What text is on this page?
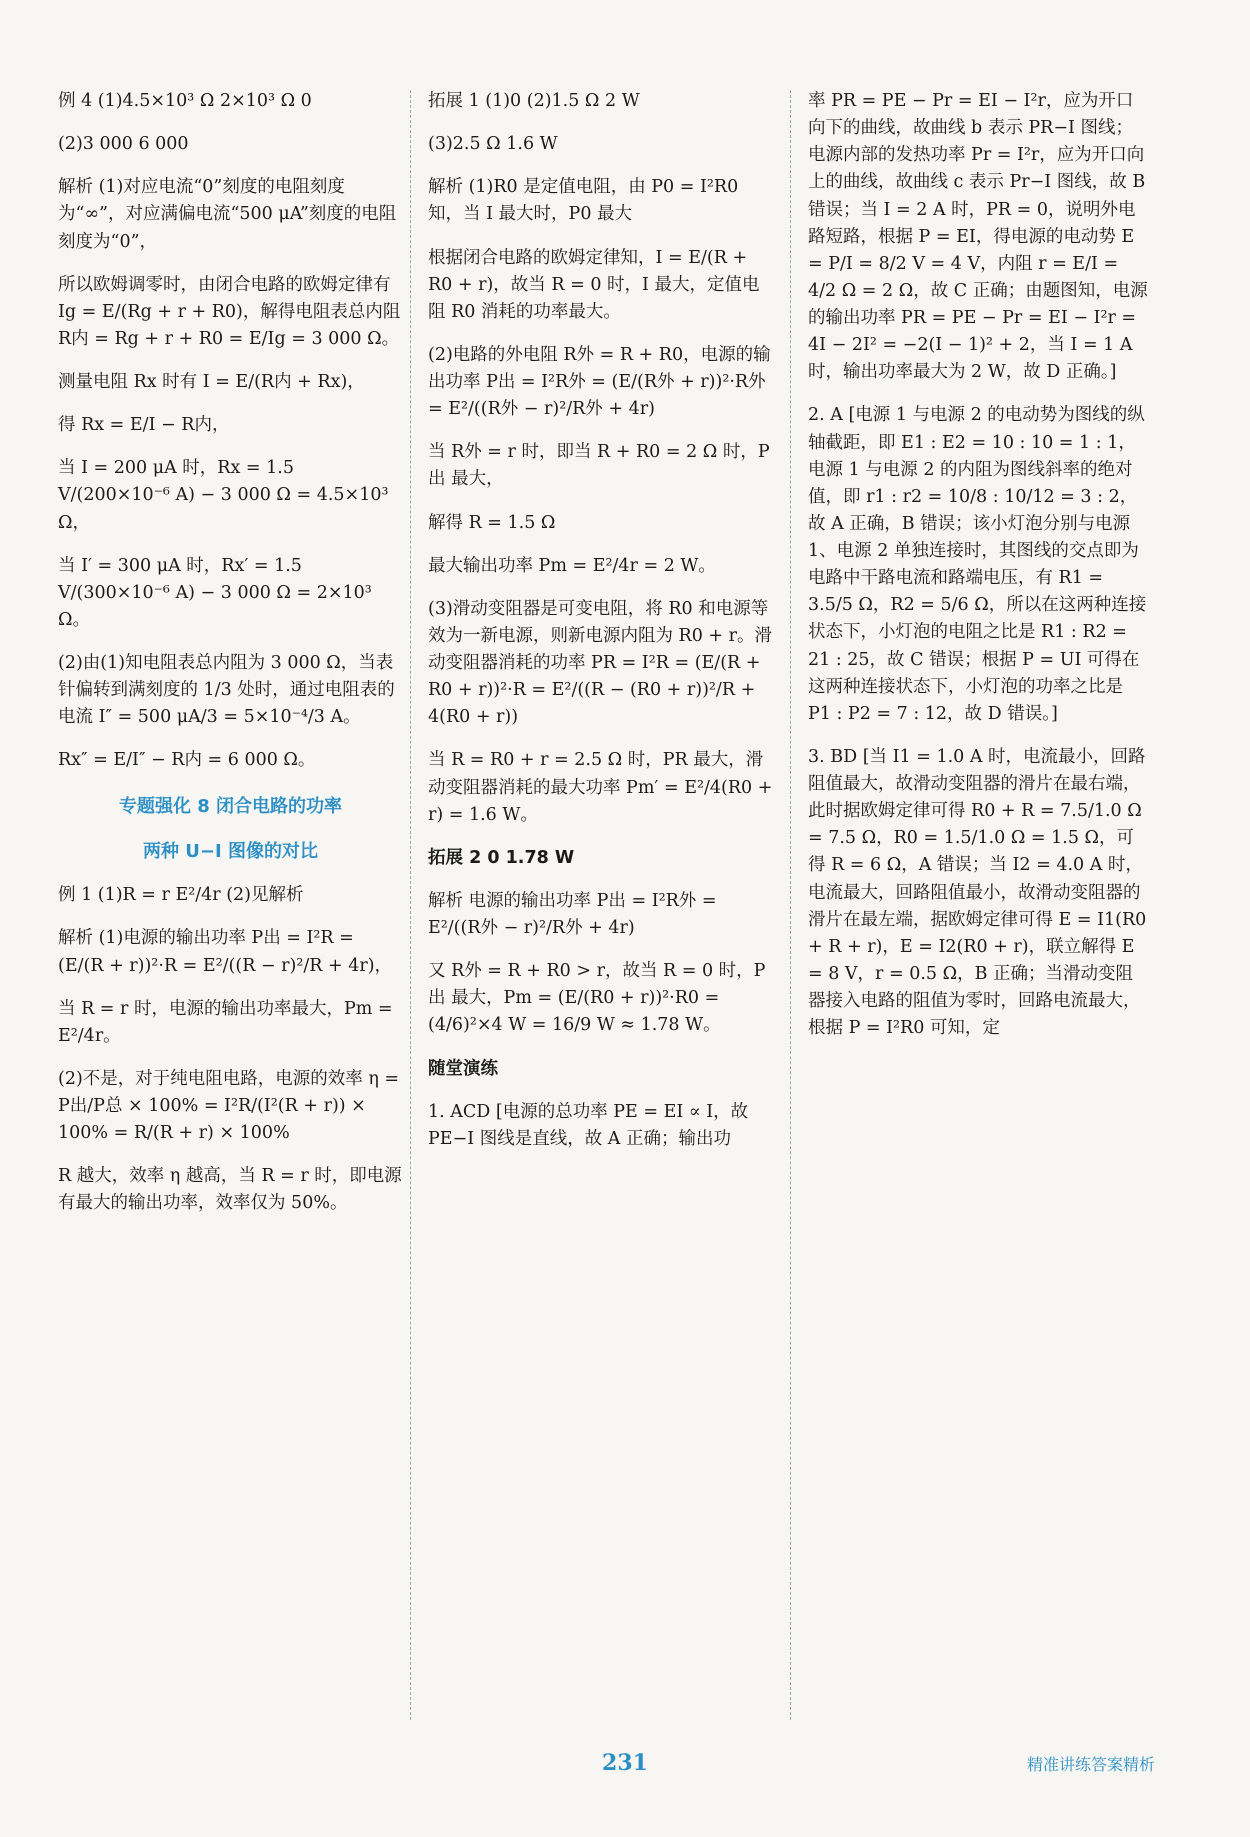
例 4 (1)4.5×10³ Ω 2×10³ Ω 0

(2)3 000 6 000

解析 (1)对应电流“0”刻度的电阻刻度为“∞”，对应满偏电流“500 μA”刻度的电阻刻度为“0”，

所以欧姆调零时，由闭合电路的欧姆定律有 Ig = E/(Rg + r + R0)，解得电阻表总内阻 R内 = Rg + r + R0 = E/Ig = 3 000 Ω。

测量电阻 Rx 时有 I = E/(R内 + Rx)，

得 Rx = E/I − R内，

当 I = 200 μA 时，Rx = 1.5 V/(200×10⁻⁶ A) − 3 000 Ω = 4.5×10³ Ω，

当 I′ = 300 μA 时，Rx′ = 1.5 V/(300×10⁻⁶ A) − 3 000 Ω = 2×10³ Ω。

(2)由(1)知电阻表总内阻为 3 000 Ω，当表针偏转到满刻度的 1/3 处时，通过电阻表的电流 I″ = 500 μA/3 = 5×10⁻⁴/3 A。

Rx″ = E/I″ − R内 = 6 000 Ω。

专题强化 8 闭合电路的功率
两种 U−I 图像的对比

例 1 (1)R = r E²/4r (2)见解析

解析 (1)电源的输出功率 P出 = I²R = (E/(R + r))²·R = E²/((R − r)²/R + 4r)，

当 R = r 时，电源的输出功率最大，Pm = E²/4r。

(2)不是，对于纯电阻电路，电源的效率 η = P出/P总 × 100% = I²R/(I²(R + r)) × 100% = R/(R + r) × 100%

R 越大，效率 η 越高，当 R = r 时，即电源有最大的输出功率，效率仅为 50%。

拓展 1 (1)0 (2)1.5 Ω 2 W

(3)2.5 Ω 1.6 W

解析 (1)R0 是定值电阻，由 P0 = I²R0 知，当 I 最大时，P0 最大

根据闭合电路的欧姆定律知，I = E/(R + R0 + r)，故当 R = 0 时，I 最大，定值电阻 R0 消耗的功率最大。

(2)电路的外电阻 R外 = R + R0，电源的输出功率 P出 = I²R外 = (E/(R外 + r))²·R外 = E²/((R外 − r)²/R外 + 4r)

当 R外 = r 时，即当 R + R0 = 2 Ω 时，P出 最大，

解得 R = 1.5 Ω

最大输出功率 Pm = E²/4r = 2 W。

(3)滑动变阻器是可变电阻，将 R0 和电源等效为一新电源，则新电源内阻为 R0 + r。滑动变阻器消耗的功率 PR = I²R = (E/(R + R0 + r))²·R = E²/((R − (R0 + r))²/R + 4(R0 + r))

当 R = R0 + r = 2.5 Ω 时，PR 最大，滑动变阻器消耗的最大功率 Pm′ = E²/4(R0 + r) = 1.6 W。

拓展 2 0 1.78 W

解析 电源的输出功率 P出 = I²R外 = E²/((R外 − r)²/R外 + 4r)

又 R外 = R + R0 > r，故当 R = 0 时，P出 最大，Pm = (E/(R0 + r))²·R0 = (4/6)²×4 W = 16/9 W ≈ 1.78 W。

随堂演练

1. ACD [电源的总功率 PE = EI ∝ I，故 PE−I 图线是直线，故 A 正确；输出功

率 PR = PE − Pr = EI − I²r，应为开口向下的曲线，故曲线 b 表示 PR−I 图线；电源内部的发热功率 Pr = I²r，应为开口向上的曲线，故曲线 c 表示 Pr−I 图线，故 B 错误；当 I = 2 A 时，PR = 0，说明外电路短路，根据 P = EI，得电源的电动势 E = P/I = 8/2 V = 4 V，内阻 r = E/I = 4/2 Ω = 2 Ω，故 C 正确；由题图知，电源的输出功率 PR = PE − Pr = EI − I²r = 4I − 2I² = −2(I − 1)² + 2，当 I = 1 A 时，输出功率最大为 2 W，故 D 正确。]

2. A [电源 1 与电源 2 的电动势为图线的纵轴截距，即 E1 : E2 = 10 : 10 = 1 : 1，电源 1 与电源 2 的内阻为图线斜率的绝对值，即 r1 : r2 = 10/8 : 10/12 = 3 : 2，故 A 正确，B 错误；该小灯泡分别与电源 1、电源 2 单独连接时，其图线的交点即为电路中干路电流和路端电压，有 R1 = 3.5/5 Ω，R2 = 5/6 Ω，所以在这两种连接状态下，小灯泡的电阻之比是 R1 : R2 = 21 : 25，故 C 错误；根据 P = UI 可得在这两种连接状态下，小灯泡的功率之比是 P1 : P2 = 7 : 12，故 D 错误。]

3. BD [当 I1 = 1.0 A 时，电流最小，回路阻值最大，故滑动变阻器的滑片在最右端，此时据欧姆定律可得 R0 + R = 7.5/1.0 Ω = 7.5 Ω，R0 = 1.5/1.0 Ω = 1.5 Ω，可得 R = 6 Ω，A 错误；当 I2 = 4.0 A 时，电流最大，回路阻值最小，故滑动变阻器的滑片在最左端，据欧姆定律可得 E = I1(R0 + R + r)，E = I2(R0 + r)，联立解得 E = 8 V，r = 0.5 Ω，B 正确；当滑动变阻器接入电路的阻值为零时，回路电流最大，根据 P = I²R0 可知，定

231	精准讲练答案精析
